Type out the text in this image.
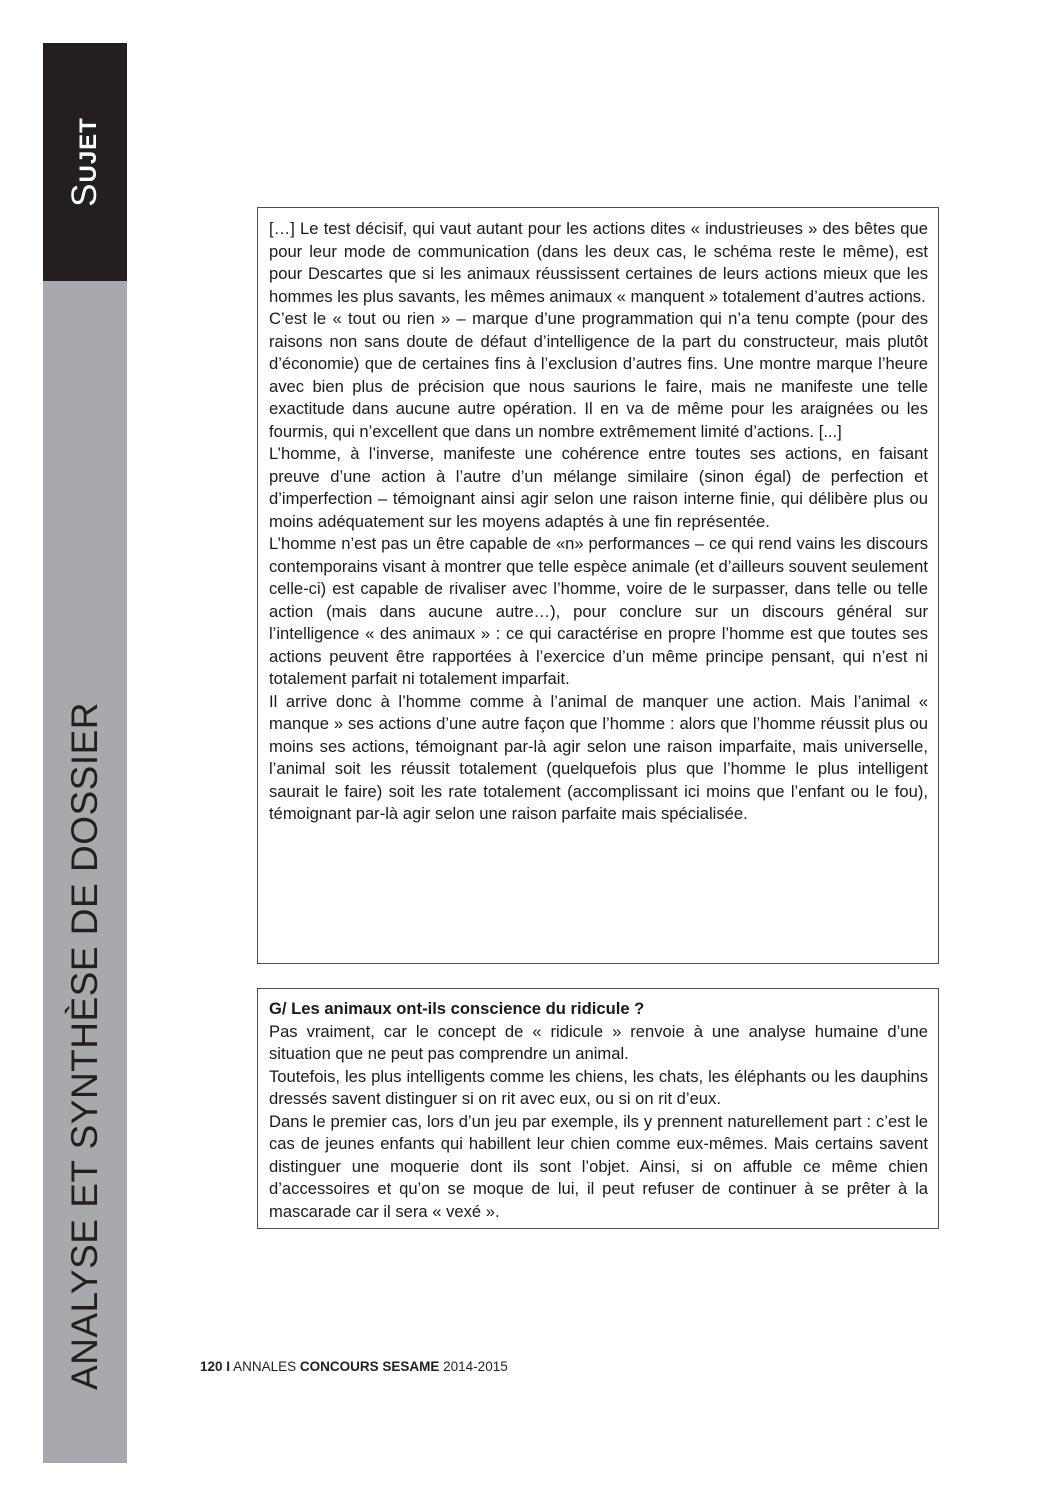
SUJET
ANALYSE ET SYNTHÈSE DE DOSSIER

[…] Le test décisif, qui vaut autant pour les actions dites « industrieuses » des bêtes que pour leur mode de communication (dans les deux cas, le schéma reste le même), est pour Descartes que si les animaux réussissent certaines de leurs actions mieux que les hommes les plus savants, les mêmes animaux « manquent » totalement d’autres actions.

C’est le « tout ou rien » – marque d’une programmation qui n’a tenu compte (pour des raisons non sans doute de défaut d’intelligence de la part du constructeur, mais plutôt d’économie) que de certaines fins à l’exclusion d’autres fins. Une montre marque l’heure avec bien plus de précision que nous saurions le faire, mais ne manifeste une telle exactitude dans aucune autre opération. Il en va de même pour les araignées ou les fourmis, qui n’excellent que dans un nombre extrêmement limité d’actions. [...]

L’homme, à l’inverse, manifeste une cohérence entre toutes ses actions, en faisant preuve d’une action à l’autre d’un mélange similaire (sinon égal) de perfection et d’imperfection – témoignant ainsi agir selon une raison interne finie, qui délibère plus ou moins adéquatement sur les moyens adaptés à une fin représentée.

L’homme n’est pas un être capable de «n» performances – ce qui rend vains les discours contemporains visant à montrer que telle espèce animale (et d’ailleurs souvent seulement celle-ci) est capable de rivaliser avec l’homme, voire de le surpasser, dans telle ou telle action (mais dans aucune autre…), pour conclure sur un discours général sur l’intelligence « des animaux » : ce qui caractérise en propre l’homme est que toutes ses actions peuvent être rapportées à l’exercice d’un même principe pensant, qui n’est ni totalement parfait ni totalement imparfait.

Il arrive donc à l’homme comme à l’animal de manquer une action. Mais l’animal « manque » ses actions d’une autre façon que l’homme : alors que l’homme réussit plus ou moins ses actions, témoignant par-là agir selon une raison imparfaite, mais universelle, l’animal soit les réussit totalement (quelquefois plus que l’homme le plus intelligent saurait le faire) soit les rate totalement (accomplissant ici moins que l’enfant ou le fou), témoignant par-là agir selon une raison parfaite mais spécialisée.

G/ Les animaux ont-ils conscience du ridicule ?

Pas vraiment, car le concept de « ridicule » renvoie à une analyse humaine d’une situation que ne peut pas comprendre un animal.

Toutefois, les plus intelligents comme les chiens, les chats, les éléphants ou les dauphins dressés savent distinguer si on rit avec eux, ou si on rit d’eux.

Dans le premier cas, lors d’un jeu par exemple, ils y prennent naturellement part : c’est le cas de jeunes enfants qui habillent leur chien comme eux-mêmes. Mais certains savent distinguer une moquerie dont ils sont l’objet. Ainsi, si on affuble ce même chien d’accessoires et qu’on se moque de lui, il peut refuser de continuer à se prêter à la mascarade car il sera « vexé ».

120 I ANNALES CONCOURS SESAME 2014-2015
